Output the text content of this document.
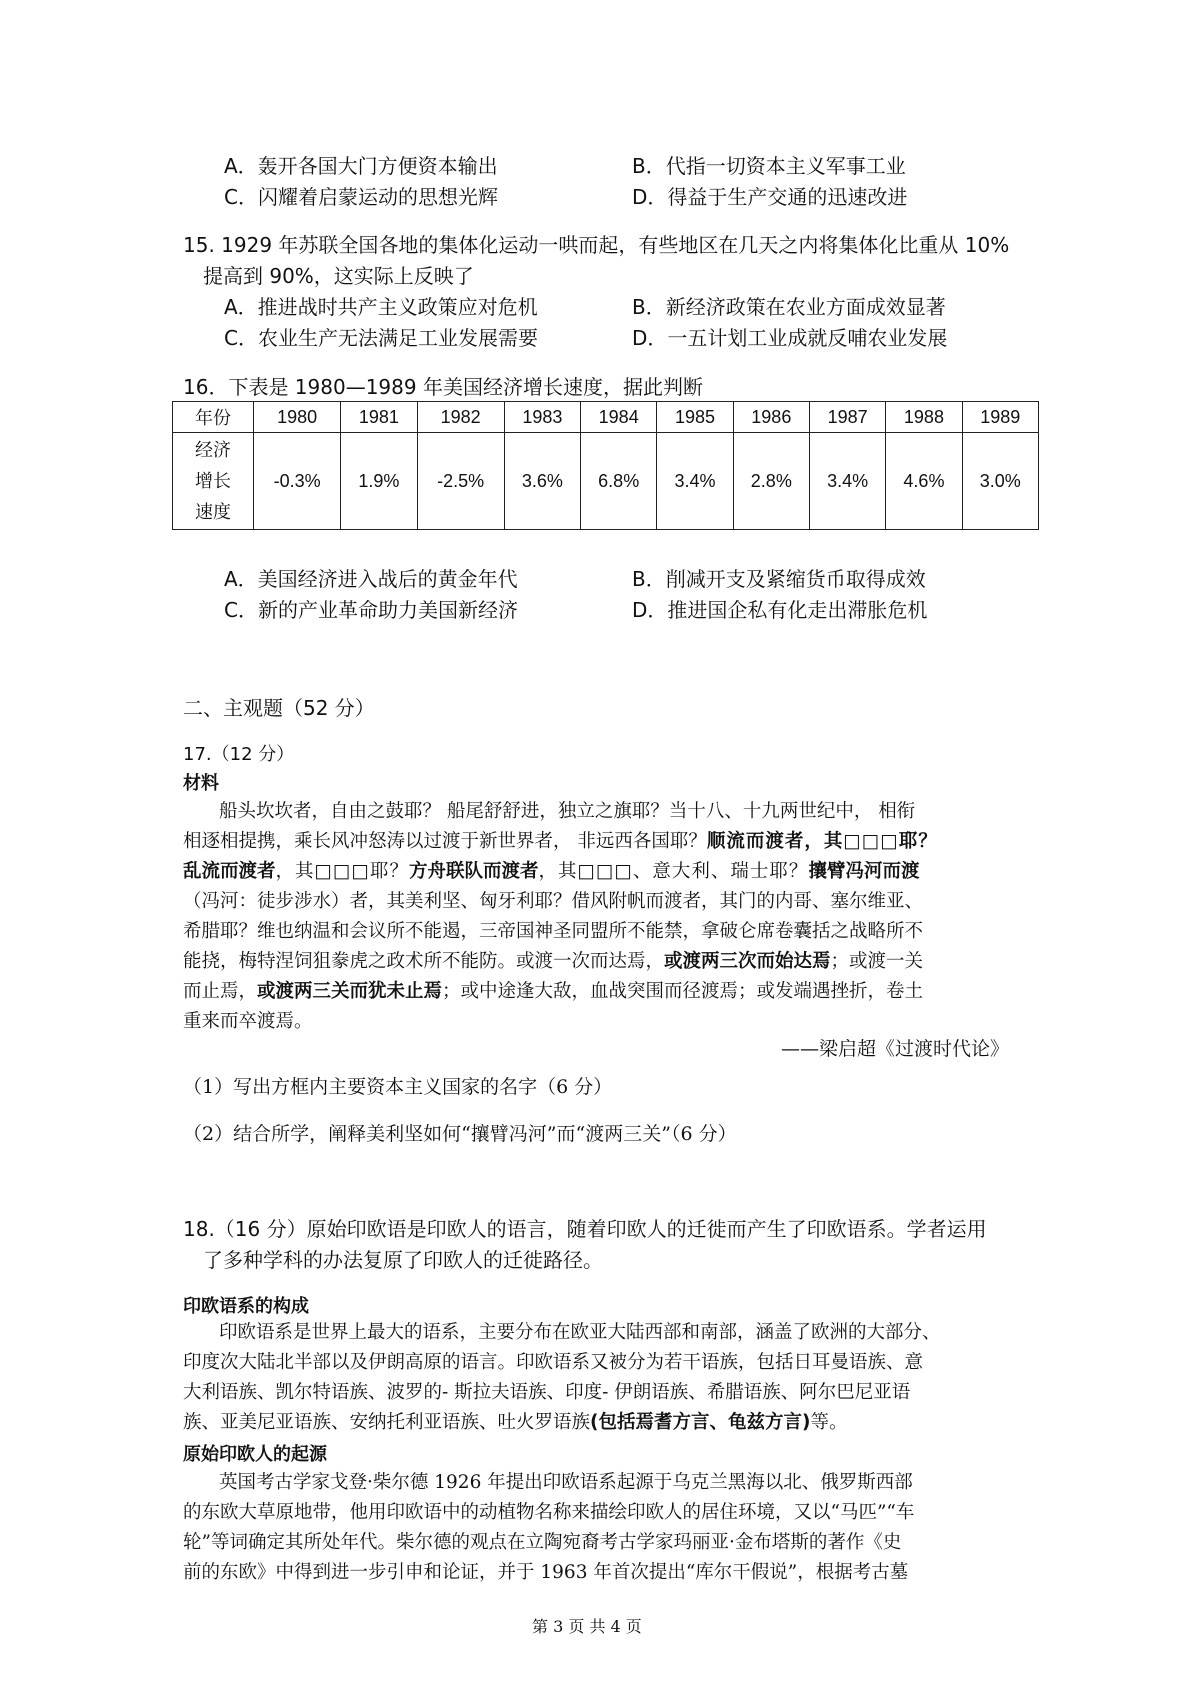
A．轰开各国大门方便资本输出	B．代指一切资本主义军事工业
C．闪耀着启蒙运动的思想光辉	D．得益于生产交通的迅速改进
15. 1929 年苏联全国各地的集体化运动一哄而起，有些地区在几天之内将集体化比重从 10%
提高到 90%，这实际上反映了
A．推进战时共产主义政策应对危机	B．新经济政策在农业方面成效显著
C．农业生产无法满足工业发展需要	D．一五计划工业成就反哺农业发展
16．下表是 1980—1989 年美国经济增长速度，据此判断
年份	1980	1981	1982	1983	1984	1985	1986	1987	1988	1989

经济
增长
速度	-0.3%	1.9%	-2.5%	3.6%	6.8%	3.4%	2.8%	3.4%	4.6%	3.0%
A．美国经济进入战后的黄金年代	B．削减开支及紧缩货币取得成效
C．新的产业革命助力美国新经济	D．推进国企私有化走出滞胀危机
二、主观题（52 分）
17.（12 分）
材料

船头坎坎者，自由之鼓耶？ 船尾舒舒进，独立之旗耶？当十八、十九两世纪中， 相衔

相逐相提携，乘长风冲怒涛以过渡于新世界者， 非远西各国耶？顺流而渡者，其□□□耶？

乱流而渡者，其□□□耶？方舟联队而渡者，其□□□、意大利、瑞士耶？攘臂冯河而渡

（冯河：徒步涉水）者，其美利坚、匈牙利耶？借风附帆而渡者，其门的内哥、塞尔维亚、

希腊耶？维也纳温和会议所不能遏，三帝国神圣同盟所不能禁，拿破仑席卷囊括之战略所不

能挠，梅特涅饲狙豢虎之政术所不能防。或渡一次而达焉，或渡两三次而始达焉；或渡一关

而止焉，或渡两三关而犹未止焉；或中途逢大敌，血战突围而径渡焉；或发端遇挫折，卷土

重来而卒渡焉。

——梁启超《过渡时代论》
（1）写出方框内主要资本主义国家的名字（6 分）
（2）结合所学，阐释美利坚如何“攘臂冯河”而“渡两三关”（6 分）
18.（16 分）原始印欧语是印欧人的语言，随着印欧人的迁徙而产生了印欧语系。学者运用
了多种学科的办法复原了印欧人的迁徙路径。
印欧语系的构成

印欧语系是世界上最大的语系，主要分布在欧亚大陆西部和南部，涵盖了欧洲的大部分、

印度次大陆北半部以及伊朗高原的语言。印欧语系又被分为若干语族，包括日耳曼语族、意

大利语族、凯尔特语族、波罗的- 斯拉夫语族、印度- 伊朗语族、希腊语族、阿尔巴尼亚语

族、亚美尼亚语族、安纳托利亚语族、吐火罗语族(包括焉耆方言、龟兹方言)等。

原始印欧人的起源

英国考古学家戈登·柴尔德 1926 年提出印欧语系起源于乌克兰黑海以北、俄罗斯西部

的东欧大草原地带，他用印欧语中的动植物名称来描绘印欧人的居住环境，又以“马匹”“车

轮”等词确定其所处年代。柴尔德的观点在立陶宛裔考古学家玛丽亚·金布塔斯的著作《史

前的东欧》中得到进一步引申和论证，并于 1963 年首次提出“库尔干假说”，根据考古墓

第 3 页 共 4 页
